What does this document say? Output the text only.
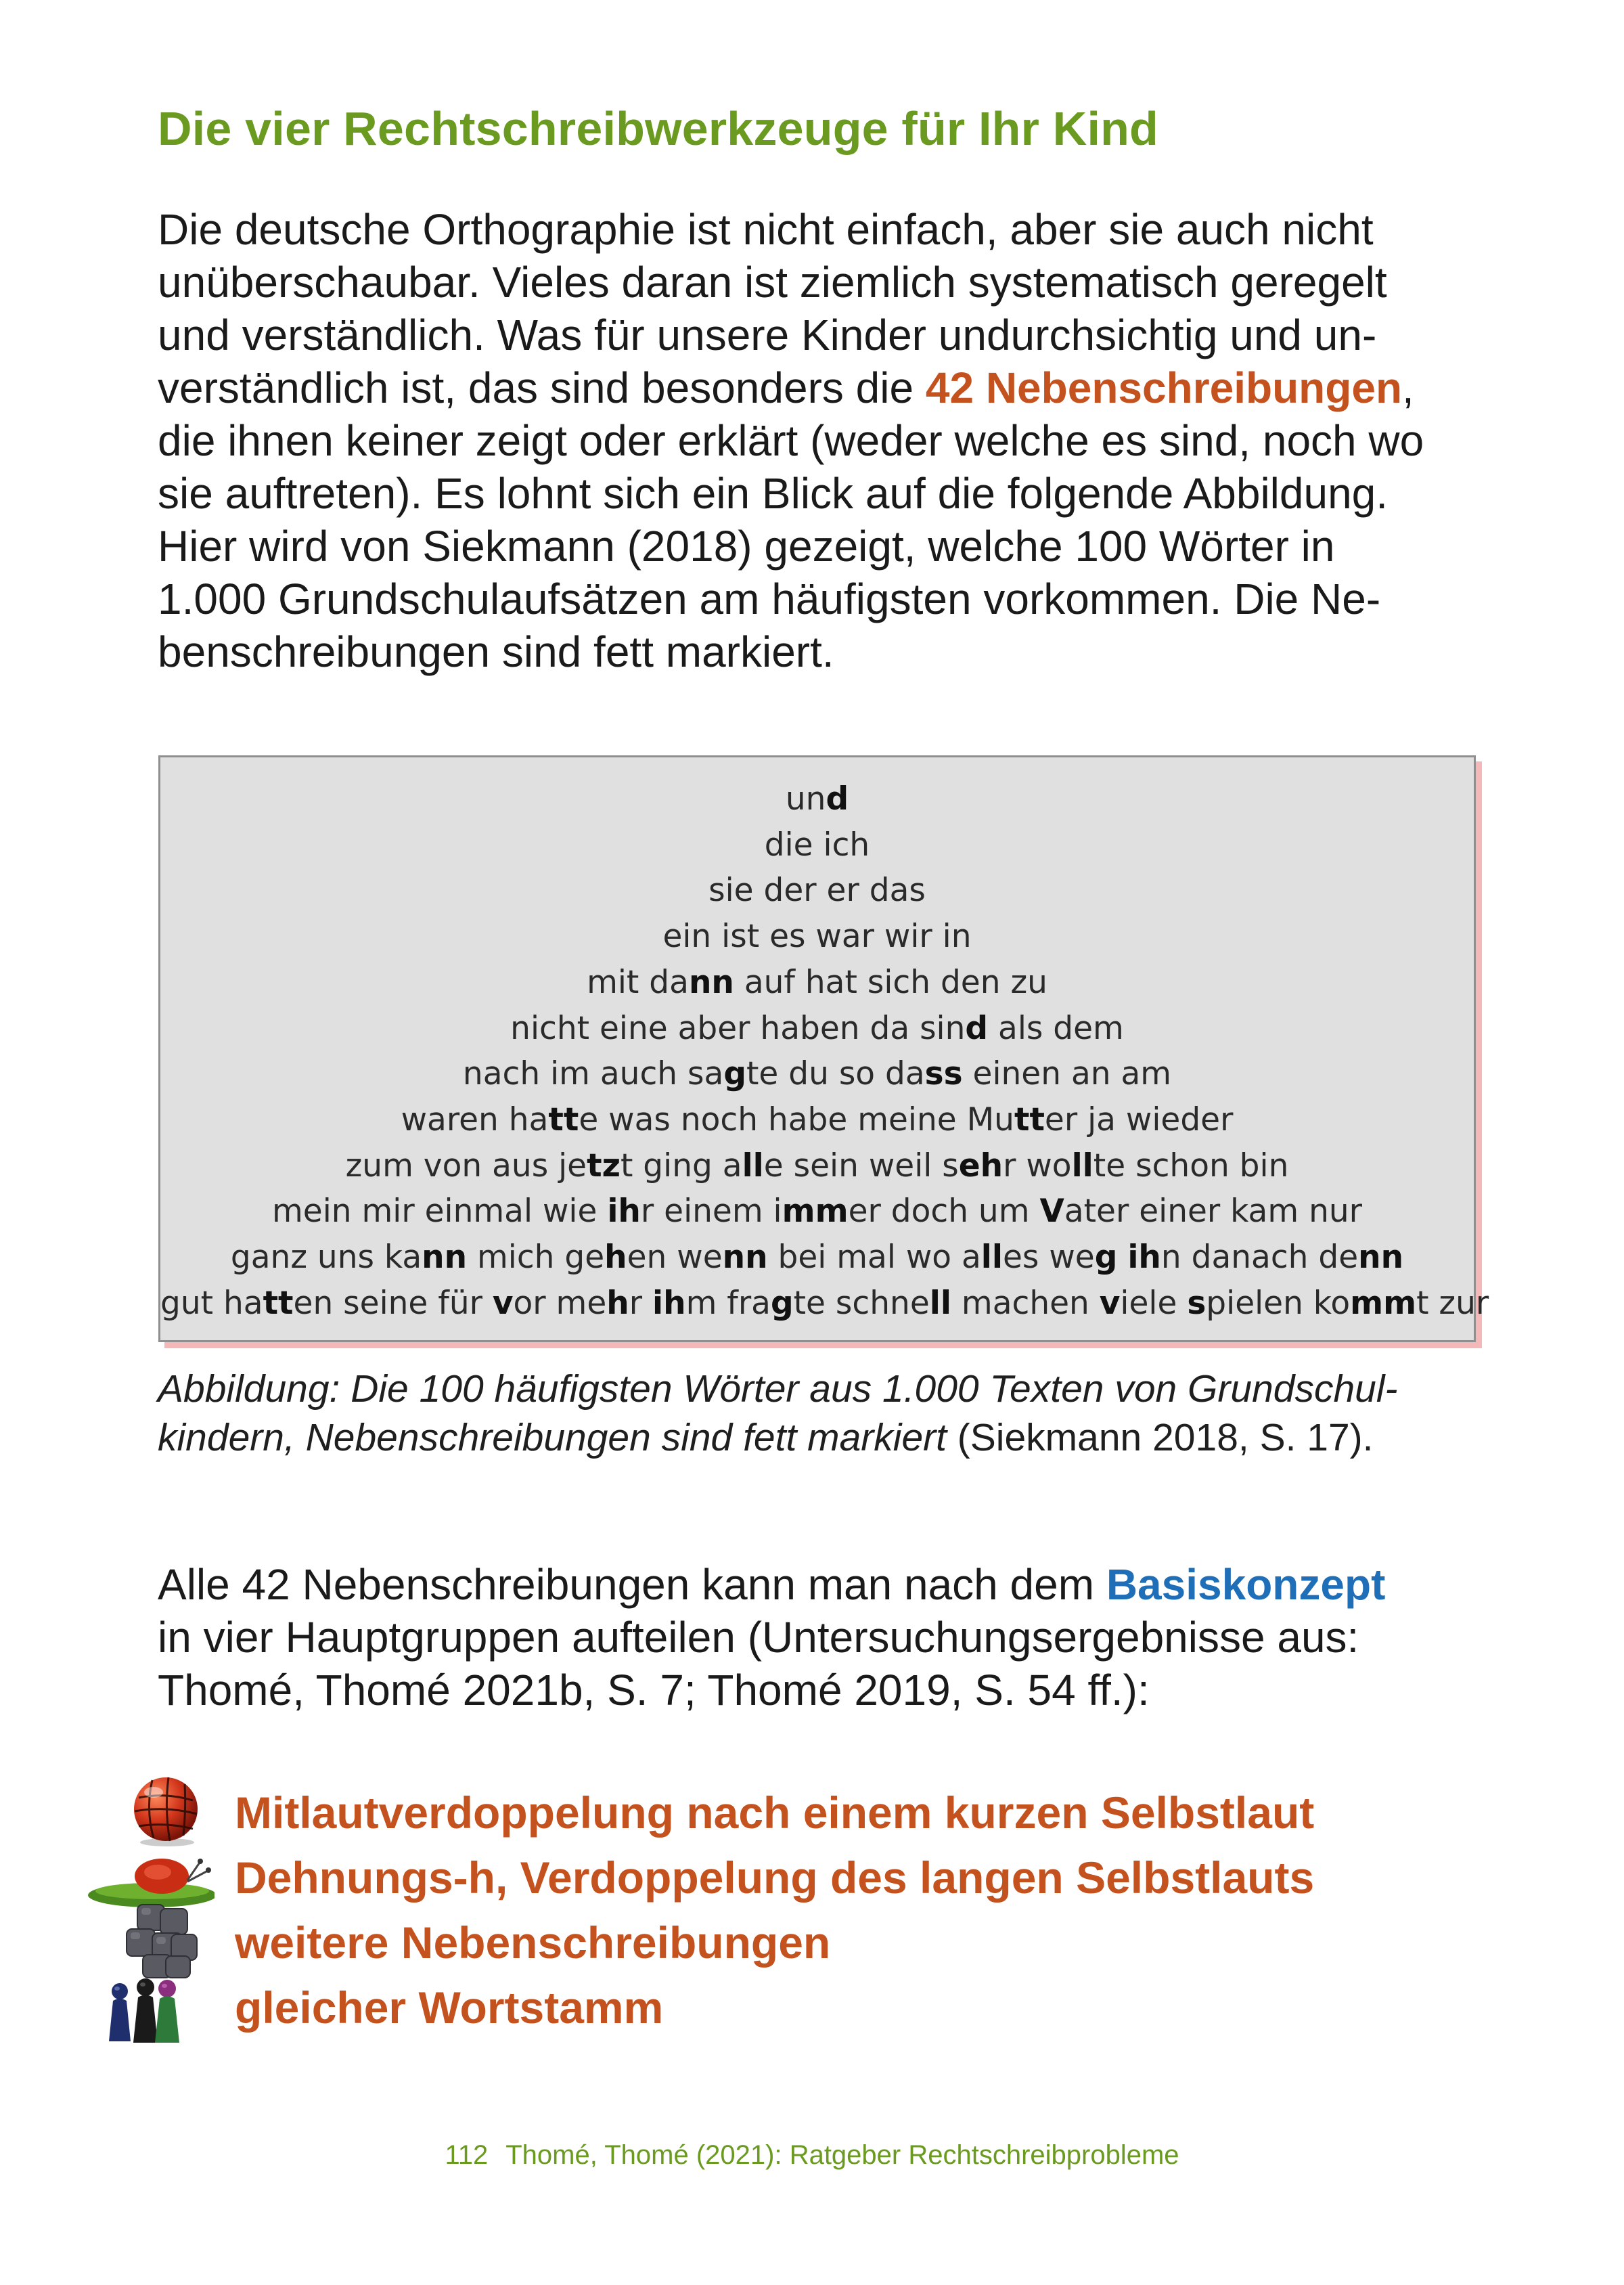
Die vier Rechtschreibwerkzeuge für Ihr Kind

Die deutsche Orthographie ist nicht einfach, aber sie auch nicht
unüberschaubar. Vieles daran ist ziemlich systematisch geregelt
und verständlich. Was für unsere Kinder undurchsichtig und un-
verständlich ist, das sind besonders die 42 Nebenschreibungen,
die ihnen keiner zeigt oder erklärt (weder welche es sind, noch wo
sie auftreten). Es lohnt sich ein Blick auf die folgende Abbildung.
Hier wird von Siekmann (2018) gezeigt, welche 100 Wörter in
1.000 Grundschulaufsätzen am häufigsten vorkommen. Die Ne-
benschreibungen sind fett markiert.

und
die ich
sie der er das
ein ist es war wir in
mit dann auf hat sich den zu
nicht eine aber haben da sind als dem
nach im auch sagte du so dass einen an am
waren hatte was noch habe meine Mutter ja wieder
zum von aus jetzt ging alle sein weil sehr wollte schon bin
mein mir einmal wie ihr einem immer doch um Vater einer kam nur
ganz uns kann mich gehen wenn bei mal wo alles weg ihn danach denn
gut hatten seine für vor mehr ihm fragte schnell machen viele spielen kommt zur

Abbildung: Die 100 häufigsten Wörter aus 1.000 Texten von Grundschul-
kindern, Nebenschreibungen sind fett markiert (Siekmann 2018, S. 17).

Alle 42 Nebenschreibungen kann man nach dem Basiskonzept
in vier Hauptgruppen aufteilen (Untersuchungsergebnisse aus:
Thomé, Thomé 2021b, S. 7; Thomé 2019, S. 54 ff.):

Mitlautverdoppelung nach einem kurzen Selbstlaut
Dehnungs-h, Verdoppelung des langen Selbstlauts
weitere Nebenschreibungen
gleicher Wortstamm
112 Thomé, Thomé (2021): Ratgeber Rechtschreibprobleme
